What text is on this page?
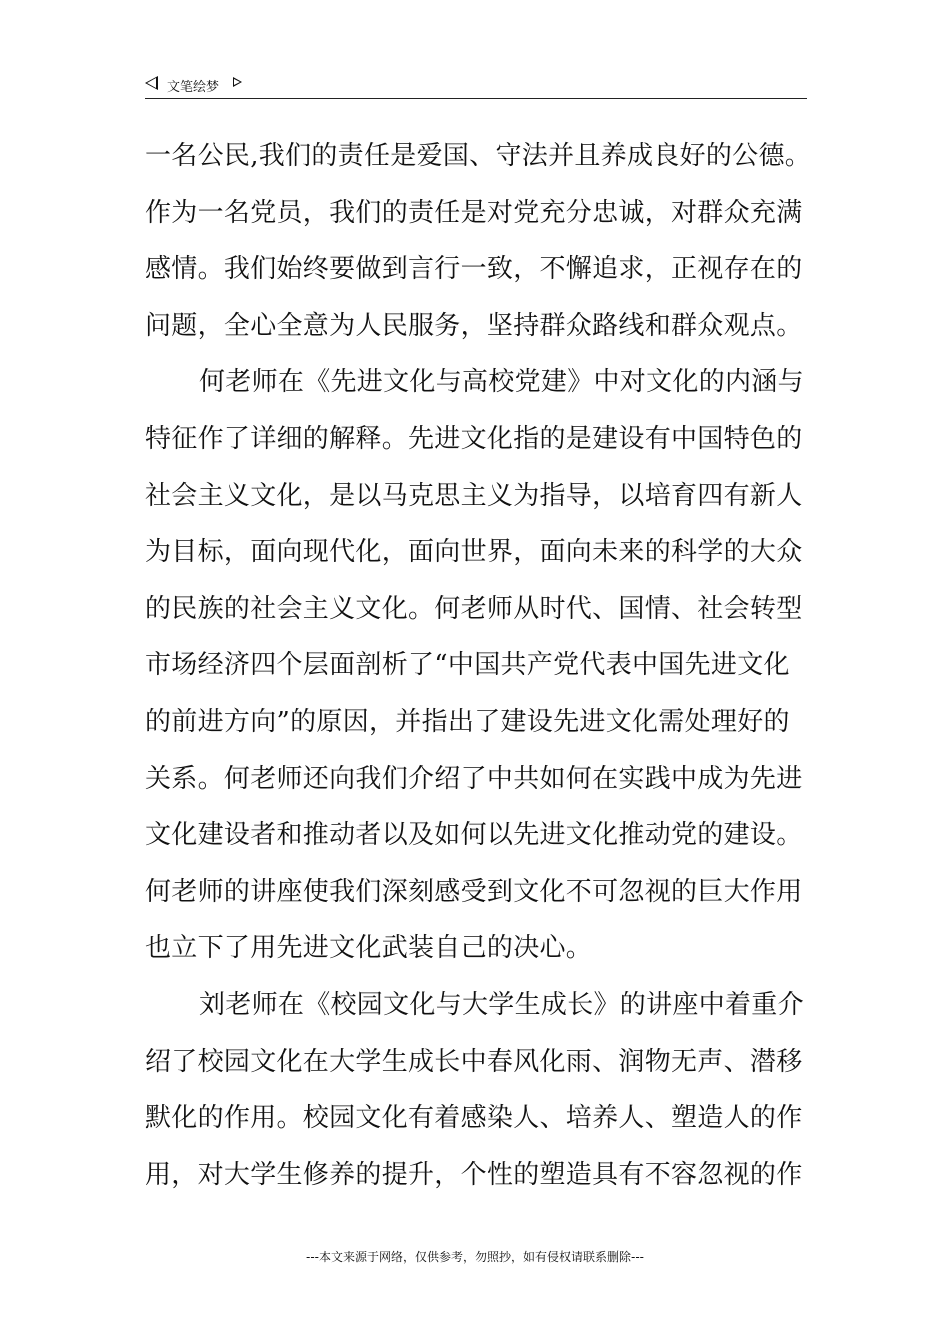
文笔绘梦
一名公民,我们的责任是爱国、守法并且养成良好的公德。
作为一名党员，我们的责任是对党充分忠诚，对群众充满
感情。我们始终要做到言行一致，不懈追求，正视存在的
问题，全心全意为人民服务，坚持群众路线和群众观点。
何老师在《先进文化与高校党建》中对文化的内涵与
特征作了详细的解释。先进文化指的是建设有中国特色的
社会主义文化，是以马克思主义为指导，以培育四有新人
为目标，面向现代化，面向世界，面向未来的科学的大众
的民族的社会主义文化。何老师从时代、国情、社会转型
市场经济四个层面剖析了“中国共产党代表中国先进文化
的前进方向”的原因，并指出了建设先进文化需处理好的
关系。何老师还向我们介绍了中共如何在实践中成为先进
文化建设者和推动者以及如何以先进文化推动党的建设。
何老师的讲座使我们深刻感受到文化不可忽视的巨大作用
也立下了用先进文化武装自己的决心。
刘老师在《校园文化与大学生成长》的讲座中着重介
绍了校园文化在大学生成长中春风化雨、润物无声、潜移
默化的作用。校园文化有着感染人、培养人、塑造人的作
用，对大学生修养的提升，个性的塑造具有不容忽视的作
---本文来源于网络，仅供参考，勿照抄，如有侵权请联系删除---
